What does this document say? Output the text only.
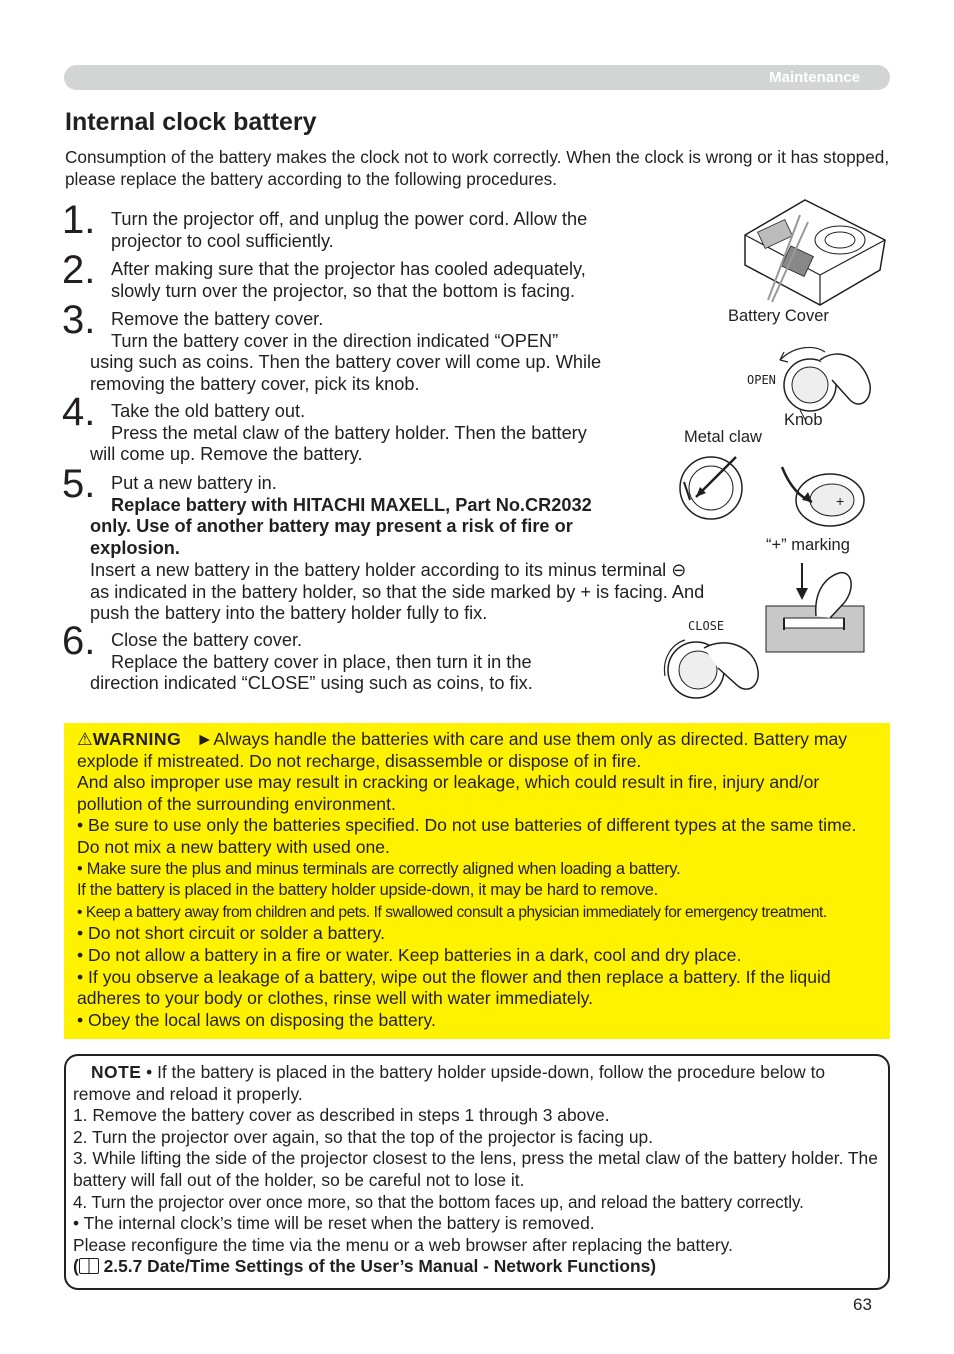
Maintenance
Internal clock battery
Consumption of the battery makes the clock not to work correctly. When the clock is wrong or it has stopped, please replace the battery according to the following procedures.
1. Turn the projector off, and unplug the power cord. Allow the
projector to cool sufficiently.
2. After making sure that the projector has cooled adequately,
slowly turn over the projector, so that the bottom is facing.
3. Remove the battery cover.
Turn the battery cover in the direction indicated “OPEN”
using such as coins. Then the battery cover will come up. While removing the battery cover, pick its knob.
4. Take the old battery out.
Press the metal claw of the battery holder. Then the battery
will come up. Remove the battery.
5. Put a new battery in.
Replace battery with HITACHI MAXELL, Part No.CR2032
only. Use of another battery may present a risk of fire or explosion.
Insert a new battery in the battery holder according to its minus terminal ⊖ as indicated in the battery holder, so that the side marked by + is facing. And push the battery into the battery holder fully to fix.
6. Close the battery cover.
Replace the battery cover in place, then turn it in the
direction indicated “CLOSE” using such as coins, to fix.
Battery Cover
OPEN
Knob
Metal claw
+
“+” marking
CLOSE

⚠WARNING ►Always handle the batteries with care and use them only as directed. Battery may explode if mistreated. Do not recharge, disassemble or dispose of in fire.

And also improper use may result in cracking or leakage, which could result in fire, injury and/or pollution of the surrounding environment.

• Be sure to use only the batteries specified. Do not use batteries of different types at the same time. Do not mix a new battery with used one.

• Make sure the plus and minus terminals are correctly aligned when loading a battery.

If the battery is placed in the battery holder upside-down, it may be hard to remove.

• Keep a battery away from children and pets. If swallowed consult a physician immediately for emergency treatment.

• Do not short circuit or solder a battery.

• Do not allow a battery in a fire or water. Keep batteries in a dark, cool and dry place.

• If you observe a leakage of a battery, wipe out the flower and then replace a battery. If the liquid adheres to your body or clothes, rinse well with water immediately.

• Obey the local laws on disposing the battery.

NOTE • If the battery is placed in the battery holder upside-down, follow the procedure below to remove and reload it properly.

1. Remove the battery cover as described in steps 1 through 3 above.

2. Turn the projector over again, so that the top of the projector is facing up.

3. While lifting the side of the projector closest to the lens, press the metal claw of the battery holder. The battery will fall out of the holder, so be careful not to lose it.

4. Turn the projector over once more, so that the bottom faces up, and reload the battery correctly.

• The internal clock’s time will be reset when the battery is removed.

Please reconfigure the time via the menu or a web browser after replacing the battery.

( 2.5.7 Date/Time Settings of the User’s Manual - Network Functions)

63
